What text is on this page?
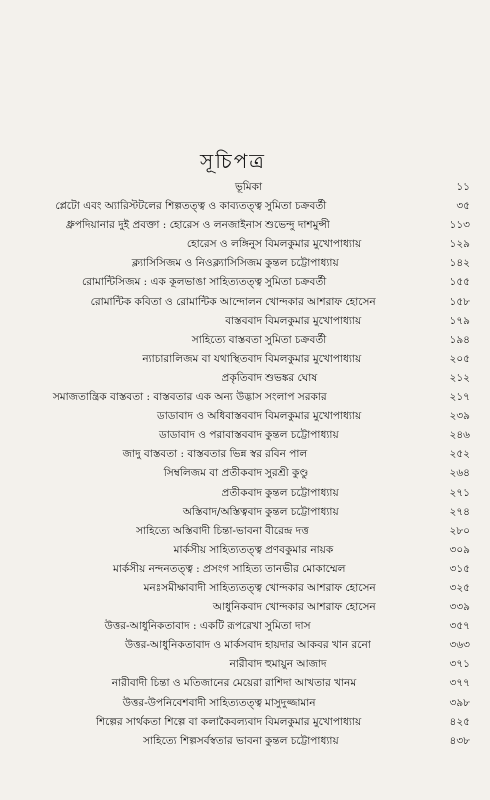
সূচিপত্র
ভূমিকা	১১
প্লেটো এবং অ্যারিস্টটলের শিল্পতত্ত্ব ও কাব্যতত্ত্ব সুমিতা চক্রবর্তী	৩৫
ধ্রুপদিয়ানার দুই প্রবক্তা : হোরেস ও লনজাইনাস শুভেন্দু দাশমুন্সী	১১৩
হোরেস ও লঙ্গিনুস বিমলকুমার মুখোপাধ্যায়	১২৯
ক্ল্যাসিসিজম ও নিওক্ল্যাসিসিজম কুন্তল চট্টোপাধ্যায়	১৪২
রোমান্টিসিজম : এক কূলভাঙা সাহিত্যতত্ত্ব সুমিতা চক্রবর্তী	১৫৫
রোমান্টিক কবিতা ও রোমান্টিক আন্দোলন খোন্দকার আশরাফ হোসেন	১৫৮
বাস্তববাদ বিমলকুমার মুখোপাধ্যায়	১৭৯
সাহিত্যে বাস্তবতা সুমিতা চক্রবর্তী	১৯৪
ন্যাচারালিজম বা যথাস্থিতবাদ বিমলকুমার মুখোপাধ্যায়	২০৫
প্রকৃতিবাদ শুভঙ্কর ঘোষ	২১২
সমাজতান্ত্রিক বাস্তবতা : বাস্তবতার এক অন্য উদ্ভাস সংলাপ সরকার	২১৭
ডাডাবাদ ও অধিবাস্তববাদ বিমলকুমার মুখোপাধ্যায়	২৩৯
ডাডাবাদ ও পরাবাস্তববাদ কুন্তল চট্টোপাধ্যায়	২৪৬
জাদু বাস্তবতা : বাস্তবতার ভিন্ন স্বর রবিন পাল	২৫২
সিম্বলিজম বা প্রতীকবাদ সুরশ্রী কুণ্ডু	২৬৪
প্রতীকবাদ কুন্তল চট্টোপাধ্যায়	২৭১
অস্তিবাদ/অস্তিত্ববাদ কুন্তল চট্টোপাধ্যায়	২৭৪
সাহিত্যে অস্তিবাদী চিন্তা-ভাবনা বীরেন্দ্র দত্ত	২৮০
মার্কসীয় সাহিত্যতত্ত্ব প্রণবকুমার নায়ক	৩০৯
মার্কসীয় নন্দনতত্ত্ব : প্রসংগ সাহিত্য তানভীর মোকাম্মেল	৩১৫
মনঃসমীক্ষাবাদী সাহিত্যতত্ত্ব খোন্দকার আশরাফ হোসেন	৩২৫
আধুনিকবাদ খোন্দকার আশরাফ হোসেন	৩৩৯
উত্তর-আধুনিকতাবাদ : একটি রূপরেখা সুমিতা দাস	৩৫৭
উত্তর-আধুনিকতাবাদ ও মার্কসবাদ হায়দার আকবর খান রনো	৩৬৩
নারীবাদ হুমায়ুন আজাদ	৩৭১
নারীবাদী চিন্তা ও মতিজানের মেয়েরা রাশিদা আখতার খানম	৩৭৭
উত্তর-উপনিবেশবাদী সাহিত্যতত্ত্ব মাসুদুজ্জামান	৩৯৮
শিল্পের সার্থকতা শিল্পে বা কলাকৈবল্যবাদ বিমলকুমার মুখোপাধ্যায়	৪২৫
সাহিত্যে শিল্পসর্বস্বতার ভাবনা কুন্তল চট্টোপাধ্যায়	৪৩৮
